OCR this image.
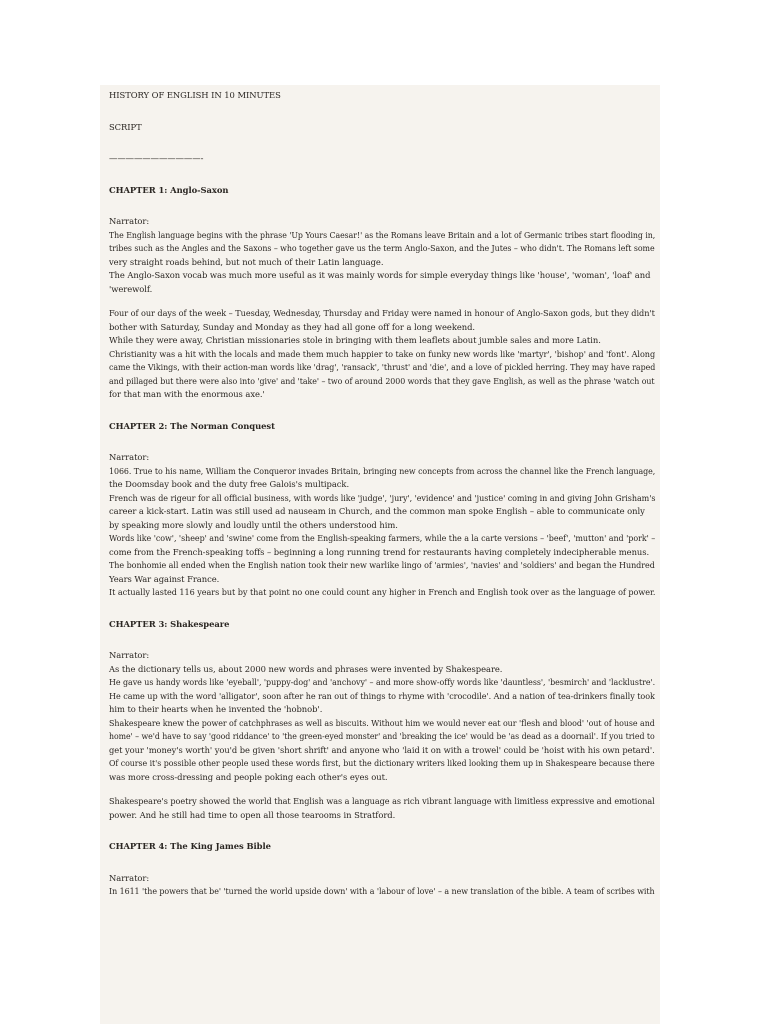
HISTORY OF ENGLISH IN 10 MINUTES
SCRIPT
———————————-
CHAPTER 1: Anglo-Saxon
Narrator:
The English language begins with the phrase 'Up Yours Caesar!' as the Romans leave Britain and a lot of Germanic tribes start flooding in,
tribes such as the Angles and the Saxons – who together gave us the term Anglo-Saxon, and the Jutes – who didn't. The Romans left some
very straight roads behind, but not much of their Latin language.
The Anglo-Saxon vocab was much more useful as it was mainly words for simple everyday things like 'house', 'woman', 'loaf' and
'werewolf.
Four of our days of the week – Tuesday, Wednesday, Thursday and Friday were named in honour of Anglo-Saxon gods, but they didn't
bother with Saturday, Sunday and Monday as they had all gone off for a long weekend.
While they were away, Christian missionaries stole in bringing with them leaflets about jumble sales and more Latin.
Christianity was a hit with the locals and made them much happier to take on funky new words like 'martyr', 'bishop' and 'font'. Along
came the Vikings, with their action-man words like 'drag', 'ransack', 'thrust' and 'die', and a love of pickled herring. They may have raped
and pillaged but there were also into 'give' and 'take' – two of around 2000 words that they gave English, as well as the phrase 'watch out
for that man with the enormous axe.'
CHAPTER 2: The Norman Conquest
Narrator:
1066. True to his name, William the Conqueror invades Britain, bringing new concepts from across the channel like the French language,
the Doomsday book and the duty free Galois's multipack.
French was de rigeur for all official business, with words like 'judge', 'jury', 'evidence' and 'justice' coming in and giving John Grisham's
career a kick-start. Latin was still used ad nauseam in Church, and the common man spoke English – able to communicate only
by speaking more slowly and loudly until the others understood him.
Words like 'cow', 'sheep' and 'swine' come from the English-speaking farmers, while the a la carte versions – 'beef', 'mutton' and 'pork' –
come from the French-speaking toffs – beginning a long running trend for restaurants having completely indecipherable menus.
The bonhomie all ended when the English nation took their new warlike lingo of 'armies', 'navies' and 'soldiers' and began the Hundred
Years War against France.
It actually lasted 116 years but by that point no one could count any higher in French and English took over as the language of power.
CHAPTER 3: Shakespeare
Narrator:
As the dictionary tells us, about 2000 new words and phrases were invented by Shakespeare.
He gave us handy words like 'eyeball', 'puppy-dog' and 'anchovy' – and more show-offy words like 'dauntless', 'besmirch' and 'lacklustre'.
He came up with the word 'alligator', soon after he ran out of things to rhyme with 'crocodile'. And a nation of tea-drinkers finally took
him to their hearts when he invented the 'hobnob'.
Shakespeare knew the power of catchphrases as well as biscuits. Without him we would never eat our 'flesh and blood' 'out of house and
home' – we'd have to say 'good riddance' to 'the green-eyed monster' and 'breaking the ice' would be 'as dead as a doornail'. If you tried to
get your 'money's worth' you'd be given 'short shrift' and anyone who 'laid it on with a trowel' could be 'hoist with his own petard'.
Of course it's possible other people used these words first, but the dictionary writers liked looking them up in Shakespeare because there
was more cross-dressing and people poking each other's eyes out.
Shakespeare's poetry showed the world that English was a language as rich vibrant language with limitless expressive and emotional
power. And he still had time to open all those tearooms in Stratford.
CHAPTER 4: The King James Bible
Narrator:
In 1611 'the powers that be' 'turned the world upside down' with a 'labour of love' – a new translation of the bible. A team of scribes with
